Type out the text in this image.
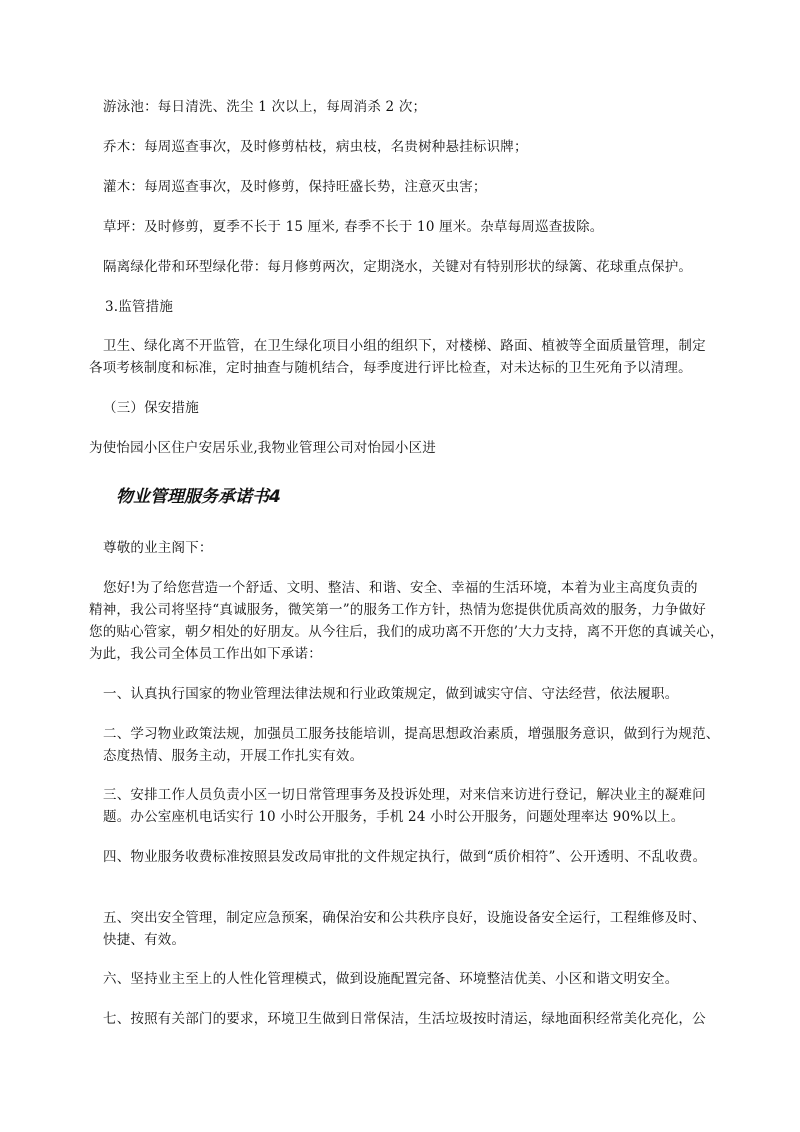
游泳池：每日清洗、洗尘 1 次以上，每周消杀 2 次；
乔木：每周巡查事次，及时修剪枯枝，病虫枝，名贵树种悬挂标识牌；
灌木：每周巡查事次，及时修剪，保持旺盛长势，注意灭虫害；
草坪：及时修剪，夏季不长于 15 厘米, 春季不长于 10 厘米。杂草每周巡查拔除。
隔离绿化带和环型绿化带：每月修剪两次，定期浇水，关键对有特别形状的绿篱、花球重点保护。
3.监管措施
卫生、绿化离不开监管，在卫生绿化项目小组的组织下，对楼梯、路面、植被等全面质量管理，制定
各项考核制度和标准，定时抽查与随机结合，每季度进行评比检查，对未达标的卫生死角予以清理。
（三）保安措施
为使怡园小区住户安居乐业,我物业管理公司对怡园小区进
物业管理服务承诺书4
尊敬的业主阁下：
您好!为了给您营造一个舒适、文明、整洁、和谐、安全、幸福的生活环境，本着为业主高度负责的
精神，我公司将坚持“真诚服务，微笑第一”的服务工作方针，热情为您提供优质高效的服务，力争做好
您的贴心管家，朝夕相处的好朋友。从今往后，我们的成功离不开您的’大力支持，离不开您的真诚关心，
为此，我公司全体员工作出如下承诺：
一、认真执行国家的物业管理法律法规和行业政策规定，做到诚实守信、守法经营，依法履职。
二、学习物业政策法规，加强员工服务技能培训，提高思想政治素质，增强服务意识，做到行为规范、
态度热情、服务主动，开展工作扎实有效。
三、安排工作人员负责小区一切日常管理事务及投诉处理，对来信来访进行登记，解决业主的凝难问
题。办公室座机电话实行 10 小时公开服务，手机 24 小时公开服务，问题处理率达 90%以上。
四、物业服务收费标准按照县发改局审批的文件规定执行，做到“质价相符”、公开透明、不乱收费。
五、突出安全管理，制定应急预案，确保治安和公共秩序良好，设施设备安全运行，工程维修及时、
快捷、有效。
六、坚持业主至上的人性化管理模式，做到设施配置完备、环境整洁优美、小区和谐文明安全。
七、按照有关部门的要求，环境卫生做到日常保洁，生活垃圾按时清运，绿地面积经常美化亮化，公
